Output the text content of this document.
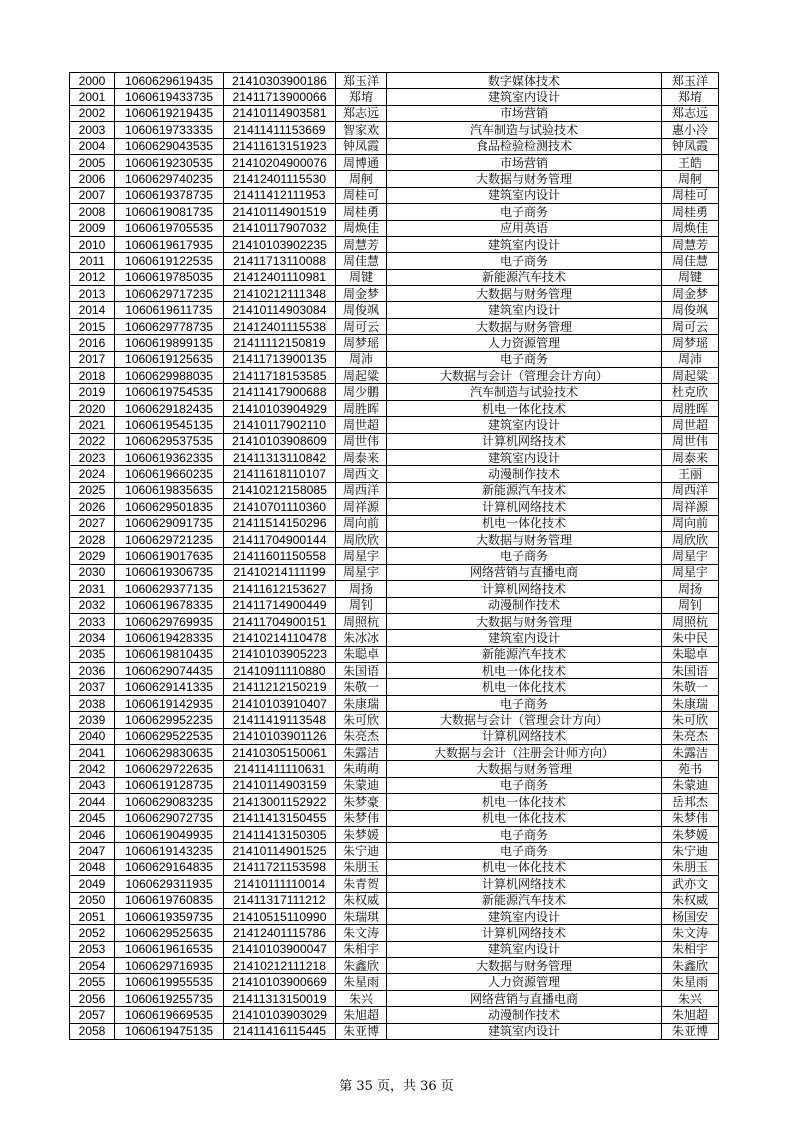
2000	1060629619435	21410303900186	郑玉洋	数字媒体技术	郑玉洋
2001	1060619433735	21411713900066	郑堉	建筑室内设计	郑堉
2002	1060619219435	21410114903581	郑志远	市场营销	郑志远
2003	1060619733335	21411411153669	智家欢	汽车制造与试验技术	惠小冷
2004	1060629043535	21411613151923	钟凤霞	食品检验检测技术	钟凤霞
2005	1060619230535	21410204900076	周博通	市场营销	王皓
2006	1060629740235	21412401115530	周舸	大数据与财务管理	周舸
2007	1060619378735	21411412111953	周桂可	建筑室内设计	周桂可
2008	1060619081735	21410114901519	周桂勇	电子商务	周桂勇
2009	1060619705535	21410117907032	周焕佳	应用英语	周焕佳
2010	1060619617935	21410103902235	周慧芳	建筑室内设计	周慧芳
2011	1060619122535	21411713110088	周佳慧	电子商务	周佳慧
2012	1060619785035	21412401110981	周键	新能源汽车技术	周键
2013	1060629717235	21410212111348	周金梦	大数据与财务管理	周金梦
2014	1060619611735	21410114903084	周俊飒	建筑室内设计	周俊飒
2015	1060629778735	21412401115538	周可云	大数据与财务管理	周可云
2016	1060619899135	21411112150819	周梦瑶	人力资源管理	周梦瑶
2017	1060619125635	21411713900135	周沛	电子商务	周沛
2018	1060629988035	21411718153585	周起粱	大数据与会计（管理会计方向）	周起粱
2019	1060619754535	21411417900688	周少鹏	汽车制造与试验技术	杜克欣
2020	1060629182435	21410103904929	周胜晖	机电一体化技术	周胜晖
2021	1060619545135	21410117902110	周世超	建筑室内设计	周世超
2022	1060629537535	21410103908609	周世伟	计算机网络技术	周世伟
2023	1060619362335	21411313110842	周泰来	建筑室内设计	周泰来
2024	1060619660235	21411618110107	周西文	动漫制作技术	王丽
2025	1060619835635	21410212158085	周西洋	新能源汽车技术	周西洋
2026	1060629501835	21410701110360	周祥源	计算机网络技术	周祥源
2027	1060629091735	21411514150296	周向前	机电一体化技术	周向前
2028	1060629721235	21411704900144	周欣欣	大数据与财务管理	周欣欣
2029	1060619017635	21411601150558	周星宇	电子商务	周星宇
2030	1060619306735	21410214111199	周星宇	网络营销与直播电商	周星宇
2031	1060629377135	21411612153627	周扬	计算机网络技术	周扬
2032	1060619678335	21411714900449	周钊	动漫制作技术	周钊
2033	1060629769935	21411704900151	周照杭	大数据与财务管理	周照杭
2034	1060619428335	21410214110478	朱冰冰	建筑室内设计	朱中民
2035	1060619810435	21410103905223	朱聪卓	新能源汽车技术	朱聪卓
2036	1060629074435	21410911110880	朱国语	机电一体化技术	朱国语
2037	1060629141335	21411212150219	朱敬一	机电一体化技术	朱敬一
2038	1060619142935	21410103910407	朱康瑞	电子商务	朱康瑞
2039	1060629952235	21411419113548	朱可欣	大数据与会计（管理会计方向）	朱可欣
2040	1060629522535	21410103901126	朱亮杰	计算机网络技术	朱亮杰
2041	1060629830635	21410305150061	朱露洁	大数据与会计（注册会计师方向）	朱露洁
2042	1060629722635	21411411110631	朱萌萌	大数据与财务管理	苑书
2043	1060619128735	21410114903159	朱蒙迪	电子商务	朱蒙迪
2044	1060629083235	21413001152922	朱梦豪	机电一体化技术	岳邦杰
2045	1060629072735	21411413150455	朱梦伟	机电一体化技术	朱梦伟
2046	1060619049935	21411413150305	朱梦媛	电子商务	朱梦媛
2047	1060619143235	21410114901525	朱宁迪	电子商务	朱宁迪
2048	1060629164835	21411721153598	朱朋玉	机电一体化技术	朱朋玉
2049	1060629311935	21410111110014	朱青贺	计算机网络技术	武亦文
2050	1060619760835	21411317111212	朱权威	新能源汽车技术	朱权威
2051	1060619359735	21410515110990	朱瑞琪	建筑室内设计	杨国安
2052	1060629525635	21412401115786	朱文涛	计算机网络技术	朱文涛
2053	1060619616535	21410103900047	朱相宇	建筑室内设计	朱相宇
2054	1060629716935	21410212111218	朱鑫欣	大数据与财务管理	朱鑫欣
2055	1060619955535	21410103900669	朱星雨	人力资源管理	朱星雨
2056	1060619255735	21411313150019	朱兴	网络营销与直播电商	朱兴
2057	1060619669535	21410103903029	朱旭超	动漫制作技术	朱旭超
2058	1060619475135	21411416115445	朱亚博	建筑室内设计	朱亚博
第 35 页，共 36 页
